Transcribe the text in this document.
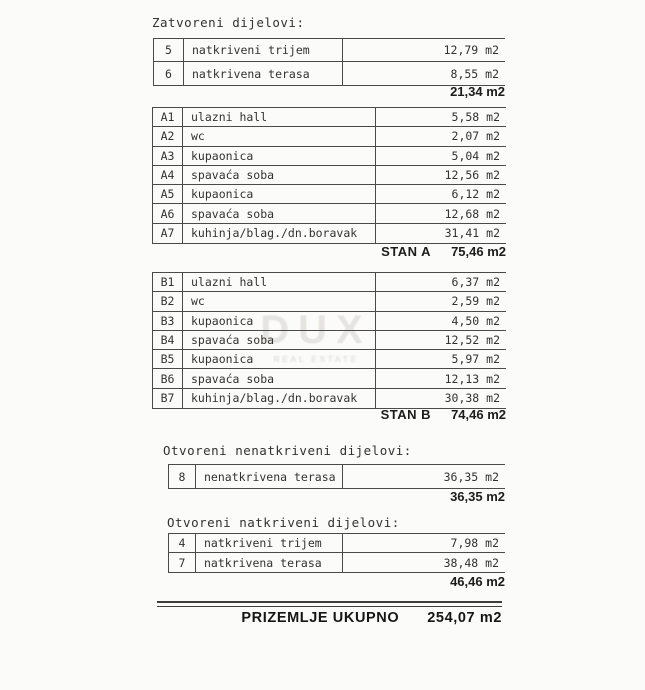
DUX
REAL ESTATE
Zatvoreni dijelovi:
5	natkriveni trijem	12,79 m2
6	natkrivena terasa	8,55 m2
21,34 m2
A1	ulazni hall	5,58 m2
A2	wc	2,07 m2
A3	kupaonica	5,04 m2
A4	spavaća soba	12,56 m2
A5	kupaonica	6,12 m2
A6	spavaća soba	12,68 m2
A7	kuhinja/blag./dn.boravak	31,41 m2
STAN A 75,46 m2
B1	ulazni hall	6,37 m2
B2	wc	2,59 m2
B3	kupaonica	4,50 m2
B4	spavaća soba	12,52 m2
B5	kupaonica	5,97 m2
B6	spavaća soba	12,13 m2
B7	kuhinja/blag./dn.boravak	30,38 m2
STAN B 74,46 m2
Otvoreni nenatkriveni dijelovi:
8	nenatkrivena terasa	36,35 m2
36,35 m2
Otvoreni natkriveni dijelovi:
4	natkriveni trijem	7,98 m2
7	natkrivena terasa	38,48 m2
46,46 m2
PRIZEMLJE UKUPNO 254,07 m2
